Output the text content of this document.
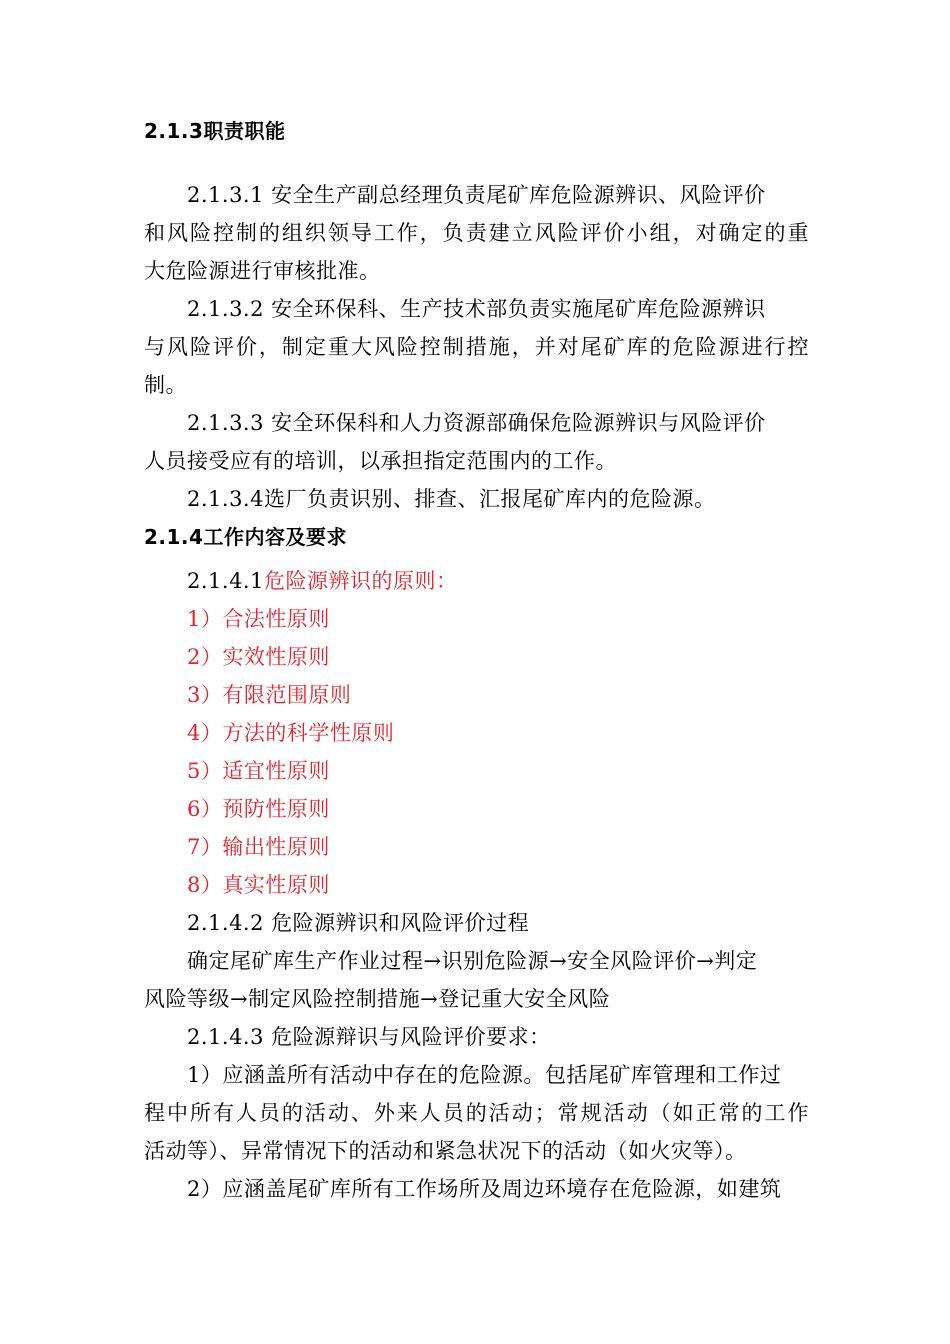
2.1.3职责职能
2.1.3.1 安全生产副总经理负责尾矿库危险源辨识、风险评价
和风险控制的组织领导工作，负责建立风险评价小组，对确定的重
大危险源进行审核批准。
2.1.3.2 安全环保科、生产技术部负责实施尾矿库危险源辨识
与风险评价，制定重大风险控制措施，并对尾矿库的危险源进行控
制。
2.1.3.3 安全环保科和人力资源部确保危险源辨识与风险评价
人员接受应有的培训，以承担指定范围内的工作。
2.1.3.4选厂负责识别、排查、汇报尾矿库内的危险源。
2.1.4工作内容及要求
2.1.4.1危险源辨识的原则：
1）合法性原则
2）实效性原则
3）有限范围原则
4）方法的科学性原则
5）适宜性原则
6）预防性原则
7）输出性原则
8）真实性原则
2.1.4.2 危险源辨识和风险评价过程
确定尾矿库生产作业过程→识别危险源→安全风险评价→判定
风险等级→制定风险控制措施→登记重大安全风险
2.1.4.3 危险源辩识与风险评价要求：
1）应涵盖所有活动中存在的危险源。包括尾矿库管理和工作过
程中所有人员的活动、外来人员的活动；常规活动（如正常的工作
活动等）、异常情况下的活动和紧急状况下的活动（如火灾等）。
2）应涵盖尾矿库所有工作场所及周边环境存在危险源，如建筑
